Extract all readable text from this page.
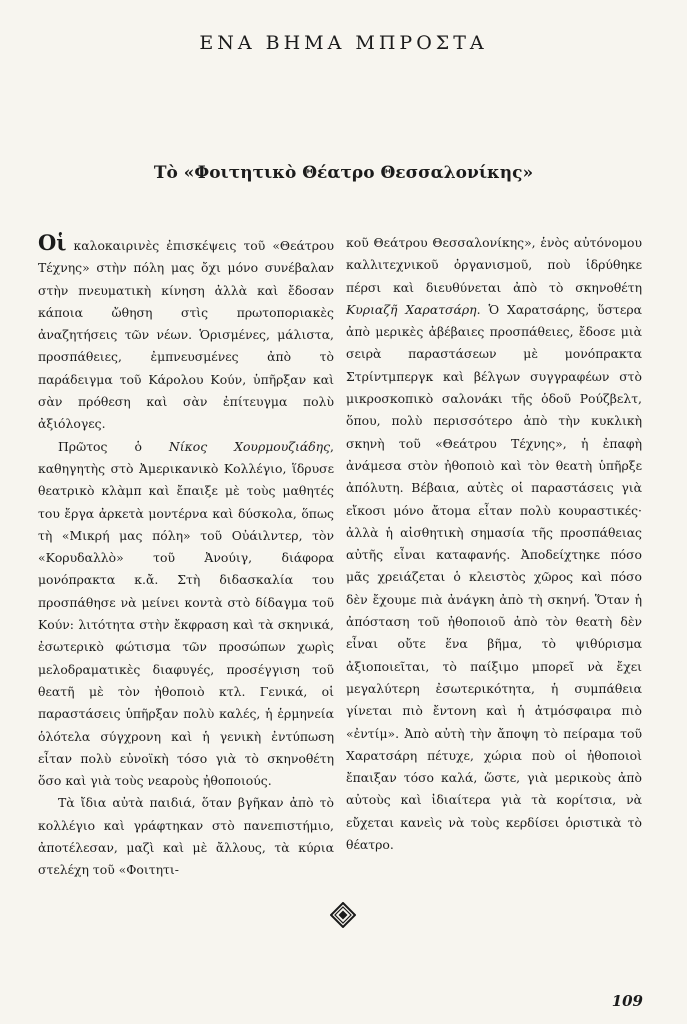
ΕΝΑ ΒΗΜΑ ΜΠΡΟΣΤΑ
Τὸ «Φοιτητικὸ Θέατρο Θεσσαλονίκης»

Οἱ καλοκαιρινὲς ἐπισκέψεις τοῦ «Θεάτρου Τέχνης» στὴν πόλη μας ὄχι μόνο συνέβαλαν στὴν πνευματικὴ κίνηση ἀλλὰ καὶ ἔδοσαν κάποια ὤθηση στὶς πρωτοποριακὲς ἀναζητήσεις τῶν νέων. Ὁρισμένες, μάλιστα, προσπάθειες, ἐμπνευσμένες ἀπὸ τὸ παράδειγμα τοῦ Κάρολου Κούν, ὑπῆρξαν καὶ σὰν πρόθεση καὶ σὰν ἐπίτευγμα πολὺ ἀξιόλογες.

Πρῶτος ὁ Νίκος Χουρμουζιάδης, καθηγητὴς στὸ Ἀμερικανικὸ Κολλέγιο, ἵδρυσε θεατρικὸ κλὰμπ καὶ ἔπαιξε μὲ τοὺς μαθητές του ἔργα ἀρκετὰ μοντέρνα καὶ δύσκολα, ὅπως τὴ «Μικρή μας πόλη» τοῦ Οὐάιλντερ, τὸν «Κορυδαλλὸ» τοῦ Ἀνούιγ, διάφορα μονόπρακτα κ.ἄ. Στὴ διδασκαλία του προσπάθησε νὰ μείνει κοντὰ στὸ δίδαγμα τοῦ Κούν: λιτότητα στὴν ἔκφραση καὶ τὰ σκηνικά, ἐσωτερικὸ φώτισμα τῶν προσώπων χωρὶς μελοδραματικὲς διαφυγές, προσέγγιση τοῦ θεατῆ μὲ τὸν ἠθοποιὸ κτλ. Γενικά, οἱ παραστάσεις ὑπῆρξαν πολὺ καλές, ἡ ἑρμηνεία ὁλότελα σύγχρονη καὶ ἡ γενικὴ ἐντύπωση εἶταν πολὺ εὐνοϊκὴ τόσο γιὰ τὸ σκηνοθέτη ὅσο καὶ γιὰ τοὺς νεαροὺς ἠθοποιούς.

Τὰ ἴδια αὐτὰ παιδιά, ὅταν βγῆκαν ἀπὸ τὸ κολλέγιο καὶ γράφτηκαν στὸ πανεπιστήμιο, ἀποτέλεσαν, μαζὶ καὶ μὲ ἄλλους, τὰ κύρια στελέχη τοῦ «Φοιτητι-

κοῦ Θεάτρου Θεσσαλονίκης», ἑνὸς αὐτόνομου καλλιτεχνικοῦ ὀργανισμοῦ, ποὺ ἱδρύθηκε πέρσι καὶ διευθύνεται ἀπὸ τὸ σκηνοθέτη Κυριαζῆ Χαρατσάρη. Ὁ Χαρατσάρης, ὕστερα ἀπὸ μερικὲς ἀβέβαιες προσπάθειες, ἔδοσε μιὰ σειρὰ παραστάσεων μὲ μονόπρακτα Στρίντμπεργκ καὶ βέλγων συγγραφέων στὸ μικροσκοπικὸ σαλονάκι τῆς ὁδοῦ Ρούζβελτ, ὅπου, πολὺ περισσότερο ἀπὸ τὴν κυκλικὴ σκηνὴ τοῦ «Θεάτρου Τέχνης», ἡ ἐπαφὴ ἀνάμεσα στὸν ἠθοποιὸ καὶ τὸν θεατὴ ὑπῆρξε ἀπόλυτη. Βέβαια, αὐτὲς οἱ παραστάσεις γιὰ εἴκοσι μόνο ἄτομα εἶταν πολὺ κουραστικές· ἀλλὰ ἡ αἰσθητικὴ σημασία τῆς προσπάθειας αὐτῆς εἶναι καταφανής. Ἀποδείχτηκε πόσο μᾶς χρειάζεται ὁ κλειστὸς χῶρος καὶ πόσο δὲν ἔχουμε πιὰ ἀνάγκη ἀπὸ τὴ σκηνή. Ὅταν ἡ ἀπόσταση τοῦ ἠθοποιοῦ ἀπὸ τὸν θεατὴ δὲν εἶναι οὔτε ἕνα βῆμα, τὸ ψιθύρισμα ἀξιοποιεῖται, τὸ παίξιμο μπορεῖ νὰ ἔχει μεγαλύτερη ἐσωτερικότητα, ἡ συμπάθεια γίνεται πιὸ ἔντονη καὶ ἡ ἀτμόσφαιρα πιὸ «ἐντίμ». Ἀπὸ αὐτὴ τὴν ἄποψη τὸ πείραμα τοῦ Χαρατσάρη πέτυχε, χώρια ποὺ οἱ ἠθοποιοὶ ἔπαιξαν τόσο καλά, ὥστε, γιὰ μερικοὺς ἀπὸ αὐτοὺς καὶ ἰδιαίτερα γιὰ τὰ κορίτσια, νὰ εὔχεται κανεὶς νὰ τοὺς κερδίσει ὁριστικὰ τὸ θέατρο.

109
